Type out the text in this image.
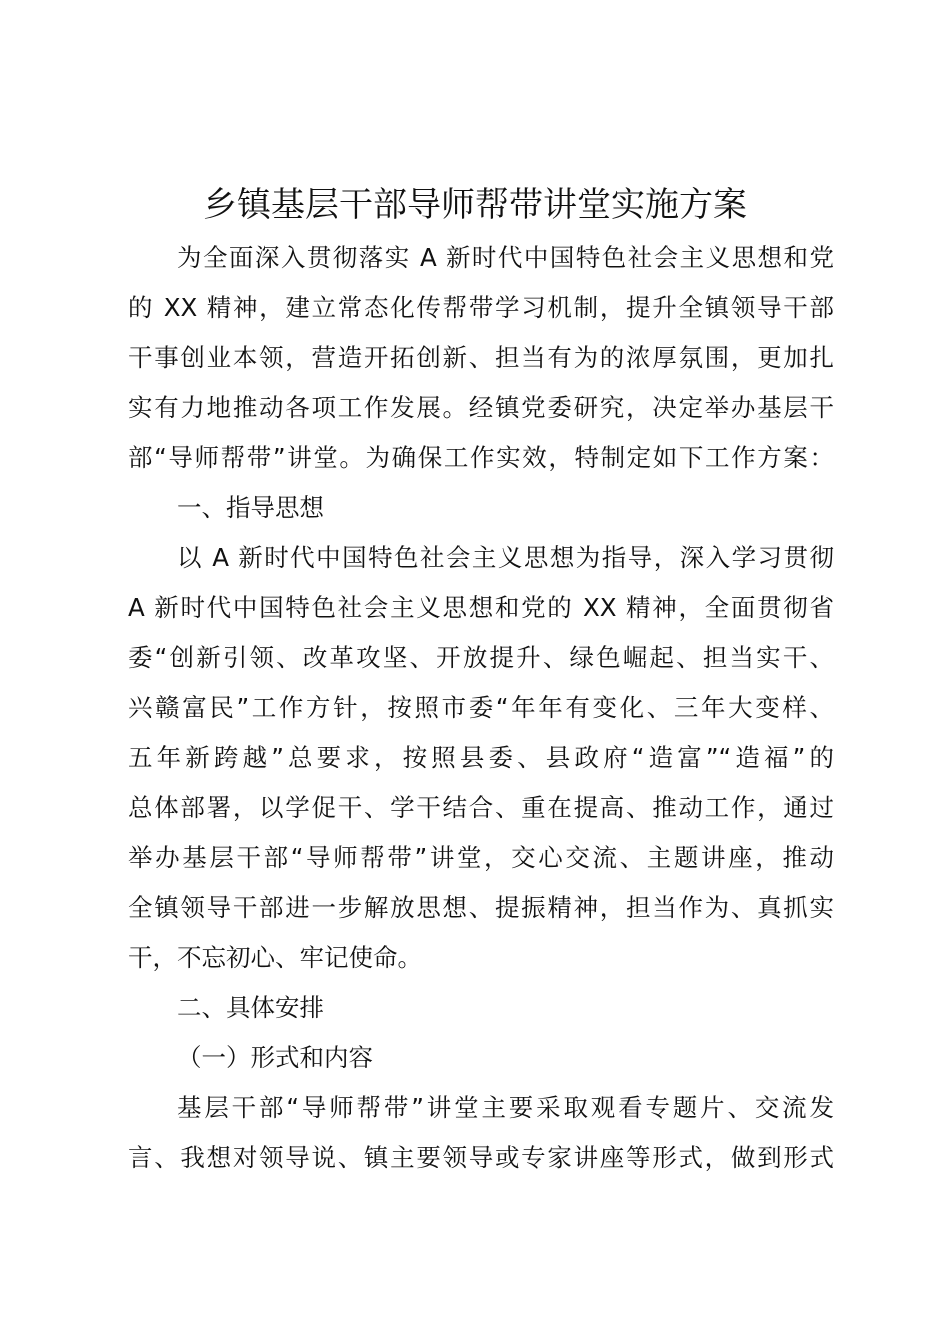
乡镇基层干部导师帮带讲堂实施方案

为全面深入贯彻落实 A 新时代中国特色社会主义思想和党

的 XX 精神，建立常态化传帮带学习机制，提升全镇领导干部

干事创业本领，营造开拓创新、担当有为的浓厚氛围，更加扎

实有力地推动各项工作发展。经镇党委研究，决定举办基层干

部“导师帮带”讲堂。为确保工作实效，特制定如下工作方案：

一、指导思想

以 A 新时代中国特色社会主义思想为指导，深入学习贯彻

A 新时代中国特色社会主义思想和党的 XX 精神，全面贯彻省

委“创新引领、改革攻坚、开放提升、绿色崛起、担当实干、

兴赣富民”工作方针，按照市委“年年有变化、三年大变样、

五年新跨越”总要求，按照县委、县政府“造富”“造福”的

总体部署，以学促干、学干结合、重在提高、推动工作，通过

举办基层干部“导师帮带”讲堂，交心交流、主题讲座，推动

全镇领导干部进一步解放思想、提振精神，担当作为、真抓实

干，不忘初心、牢记使命。

二、具体安排

（一）形式和内容

基层干部“导师帮带”讲堂主要采取观看专题片、交流发

言、我想对领导说、镇主要领导或专家讲座等形式，做到形式
